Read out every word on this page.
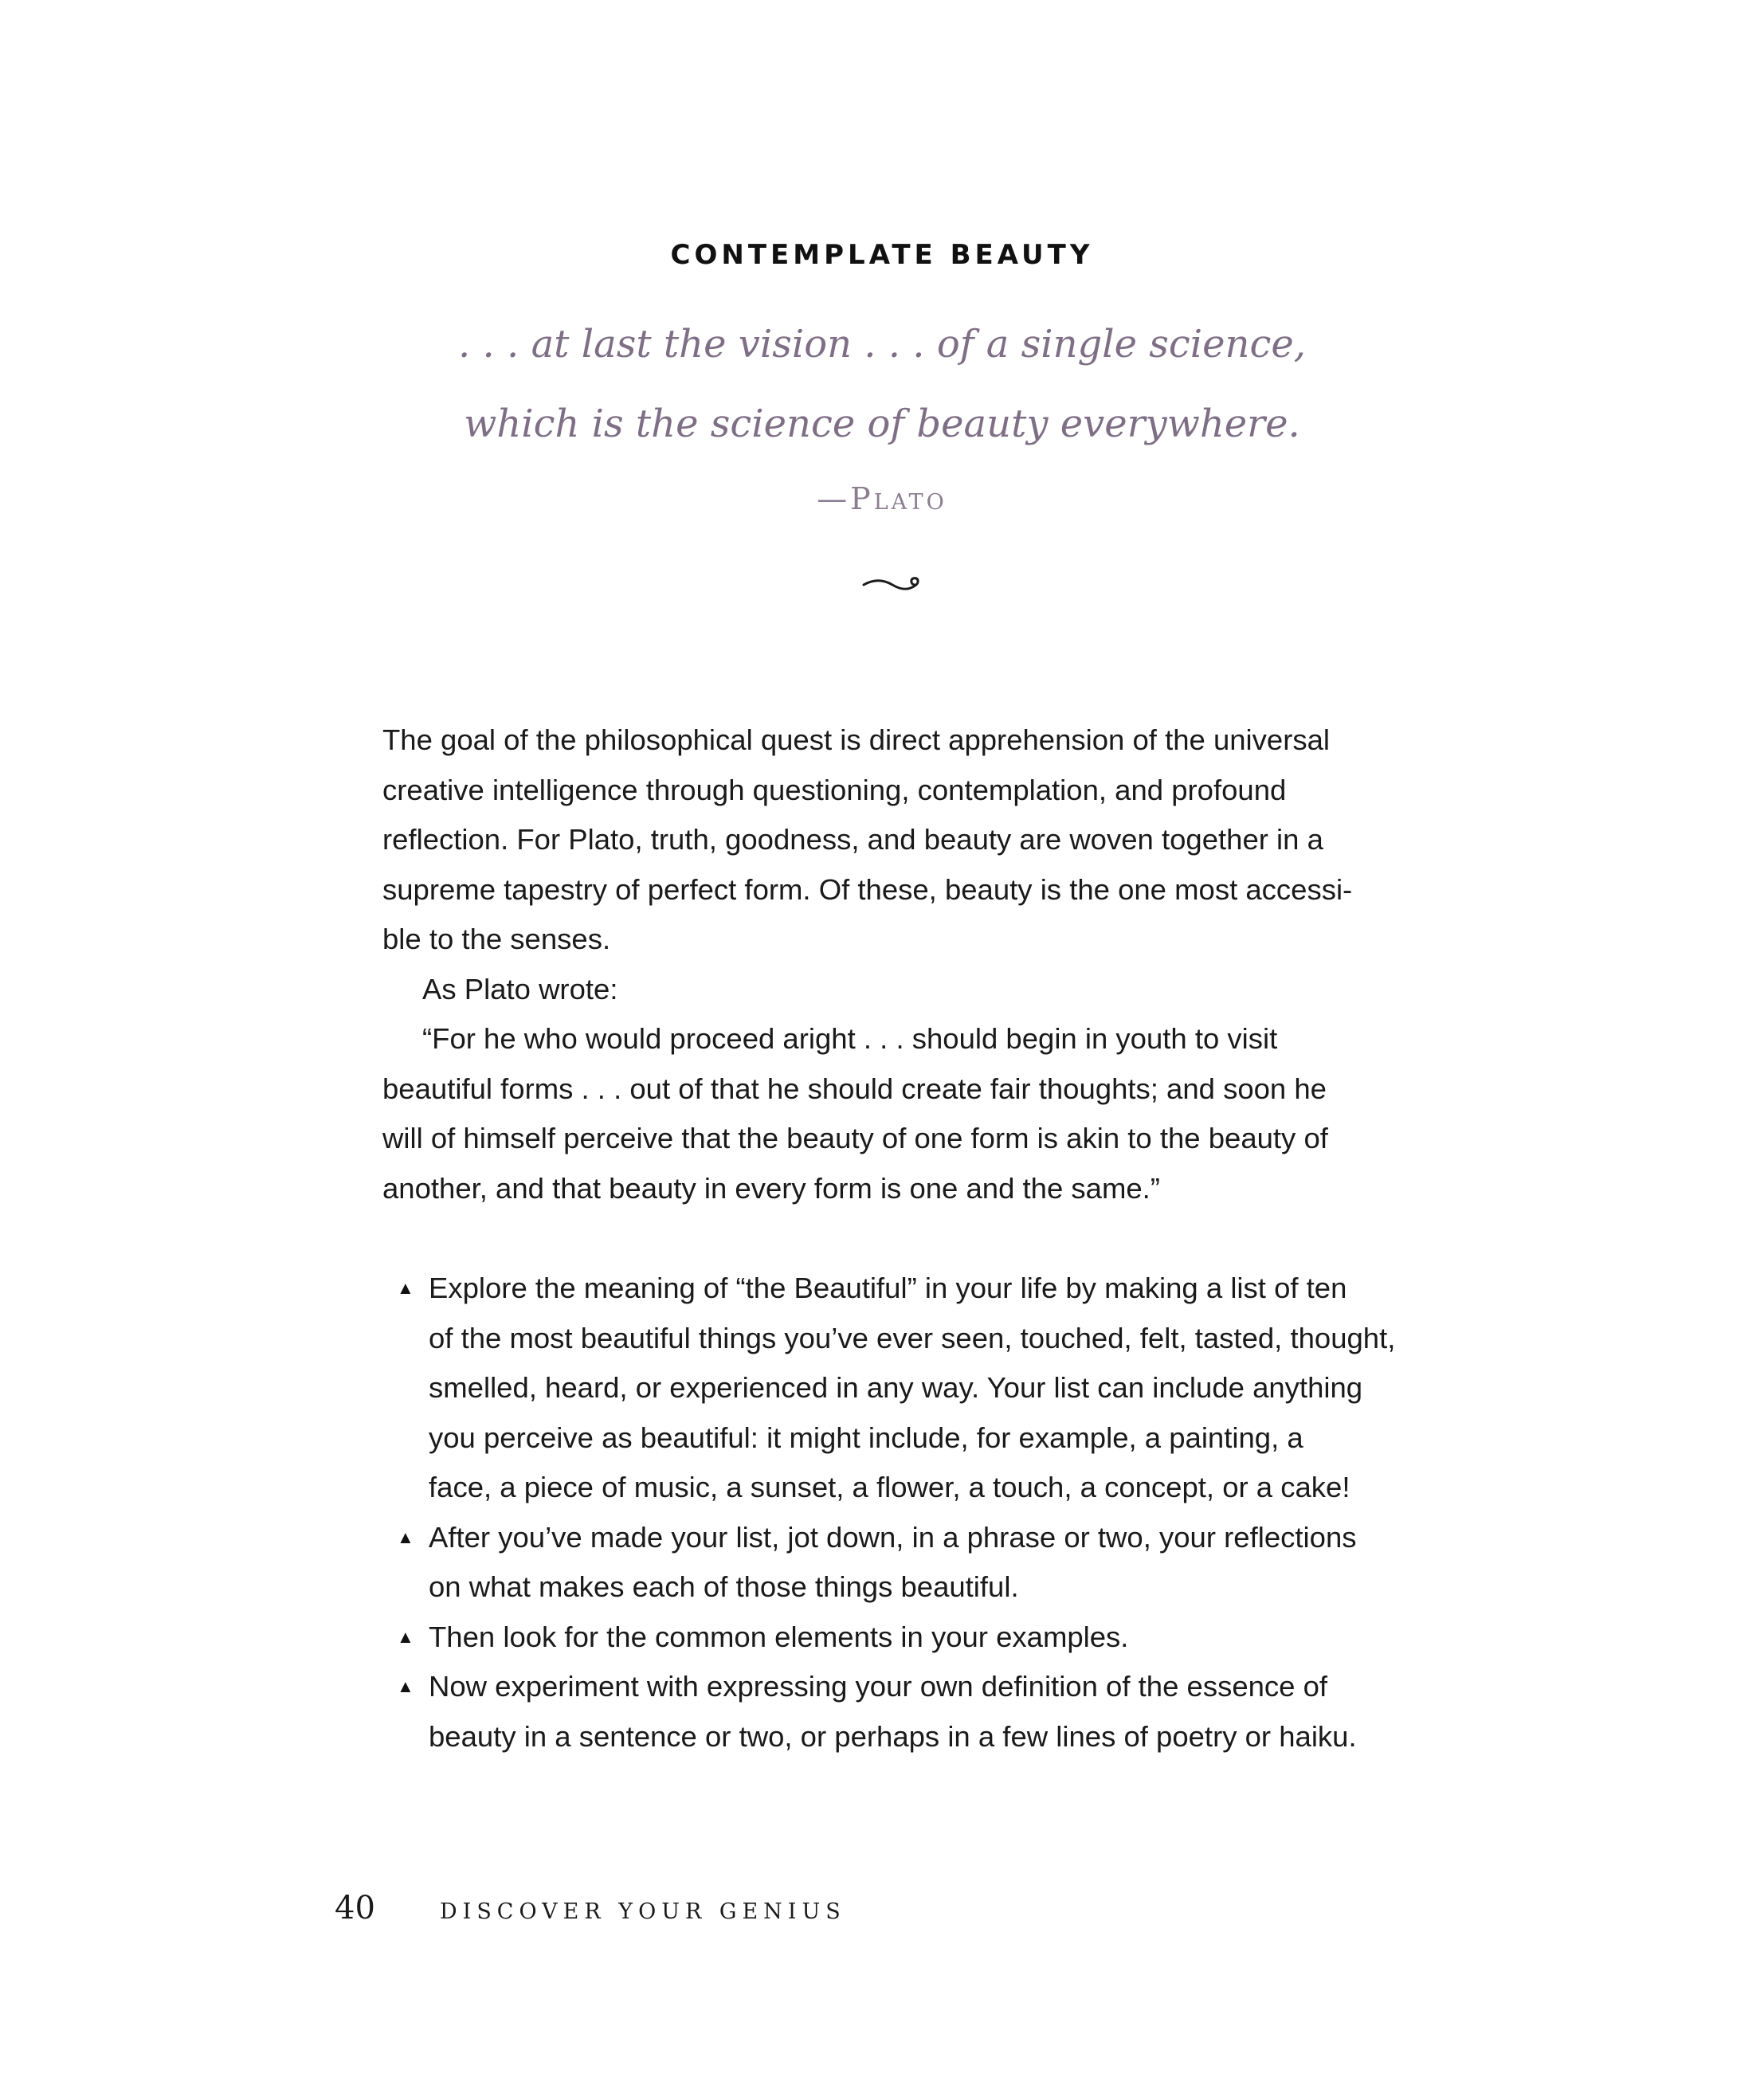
CONTEMPLATE BEAUTY
. . . at last the vision . . . of a single science,
which is the science of beauty everywhere.
—Plato

The goal of the philosophical quest is direct apprehension of the universal
creative intelligence through questioning, contemplation, and profound
reflection. For Plato, truth, goodness, and beauty are woven together in a
supreme tapestry of perfect form. Of these, beauty is the one most accessi-
ble to the senses.

As Plato wrote:

“For he who would proceed aright . . . should begin in youth to visit
beautiful forms . . . out of that he should create fair thoughts; and soon he
will of himself perceive that the beauty of one form is akin to the beauty of
another, and that beauty in every form is one and the same.”

▲ Explore the meaning of “the Beautiful” in your life by making a list of ten
of the most beautiful things you’ve ever seen, touched, felt, tasted, thought,
smelled, heard, or experienced in any way. Your list can include anything
you perceive as beautiful: it might include, for example, a painting, a
face, a piece of music, a sunset, a flower, a touch, a concept, or a cake!
▲ After you’ve made your list, jot down, in a phrase or two, your reflections
on what makes each of those things beautiful.
▲ Then look for the common elements in your examples.
▲ Now experiment with expressing your own definition of the essence of
beauty in a sentence or two, or perhaps in a few lines of poetry or haiku.
40	DISCOVER YOUR GENIUS
